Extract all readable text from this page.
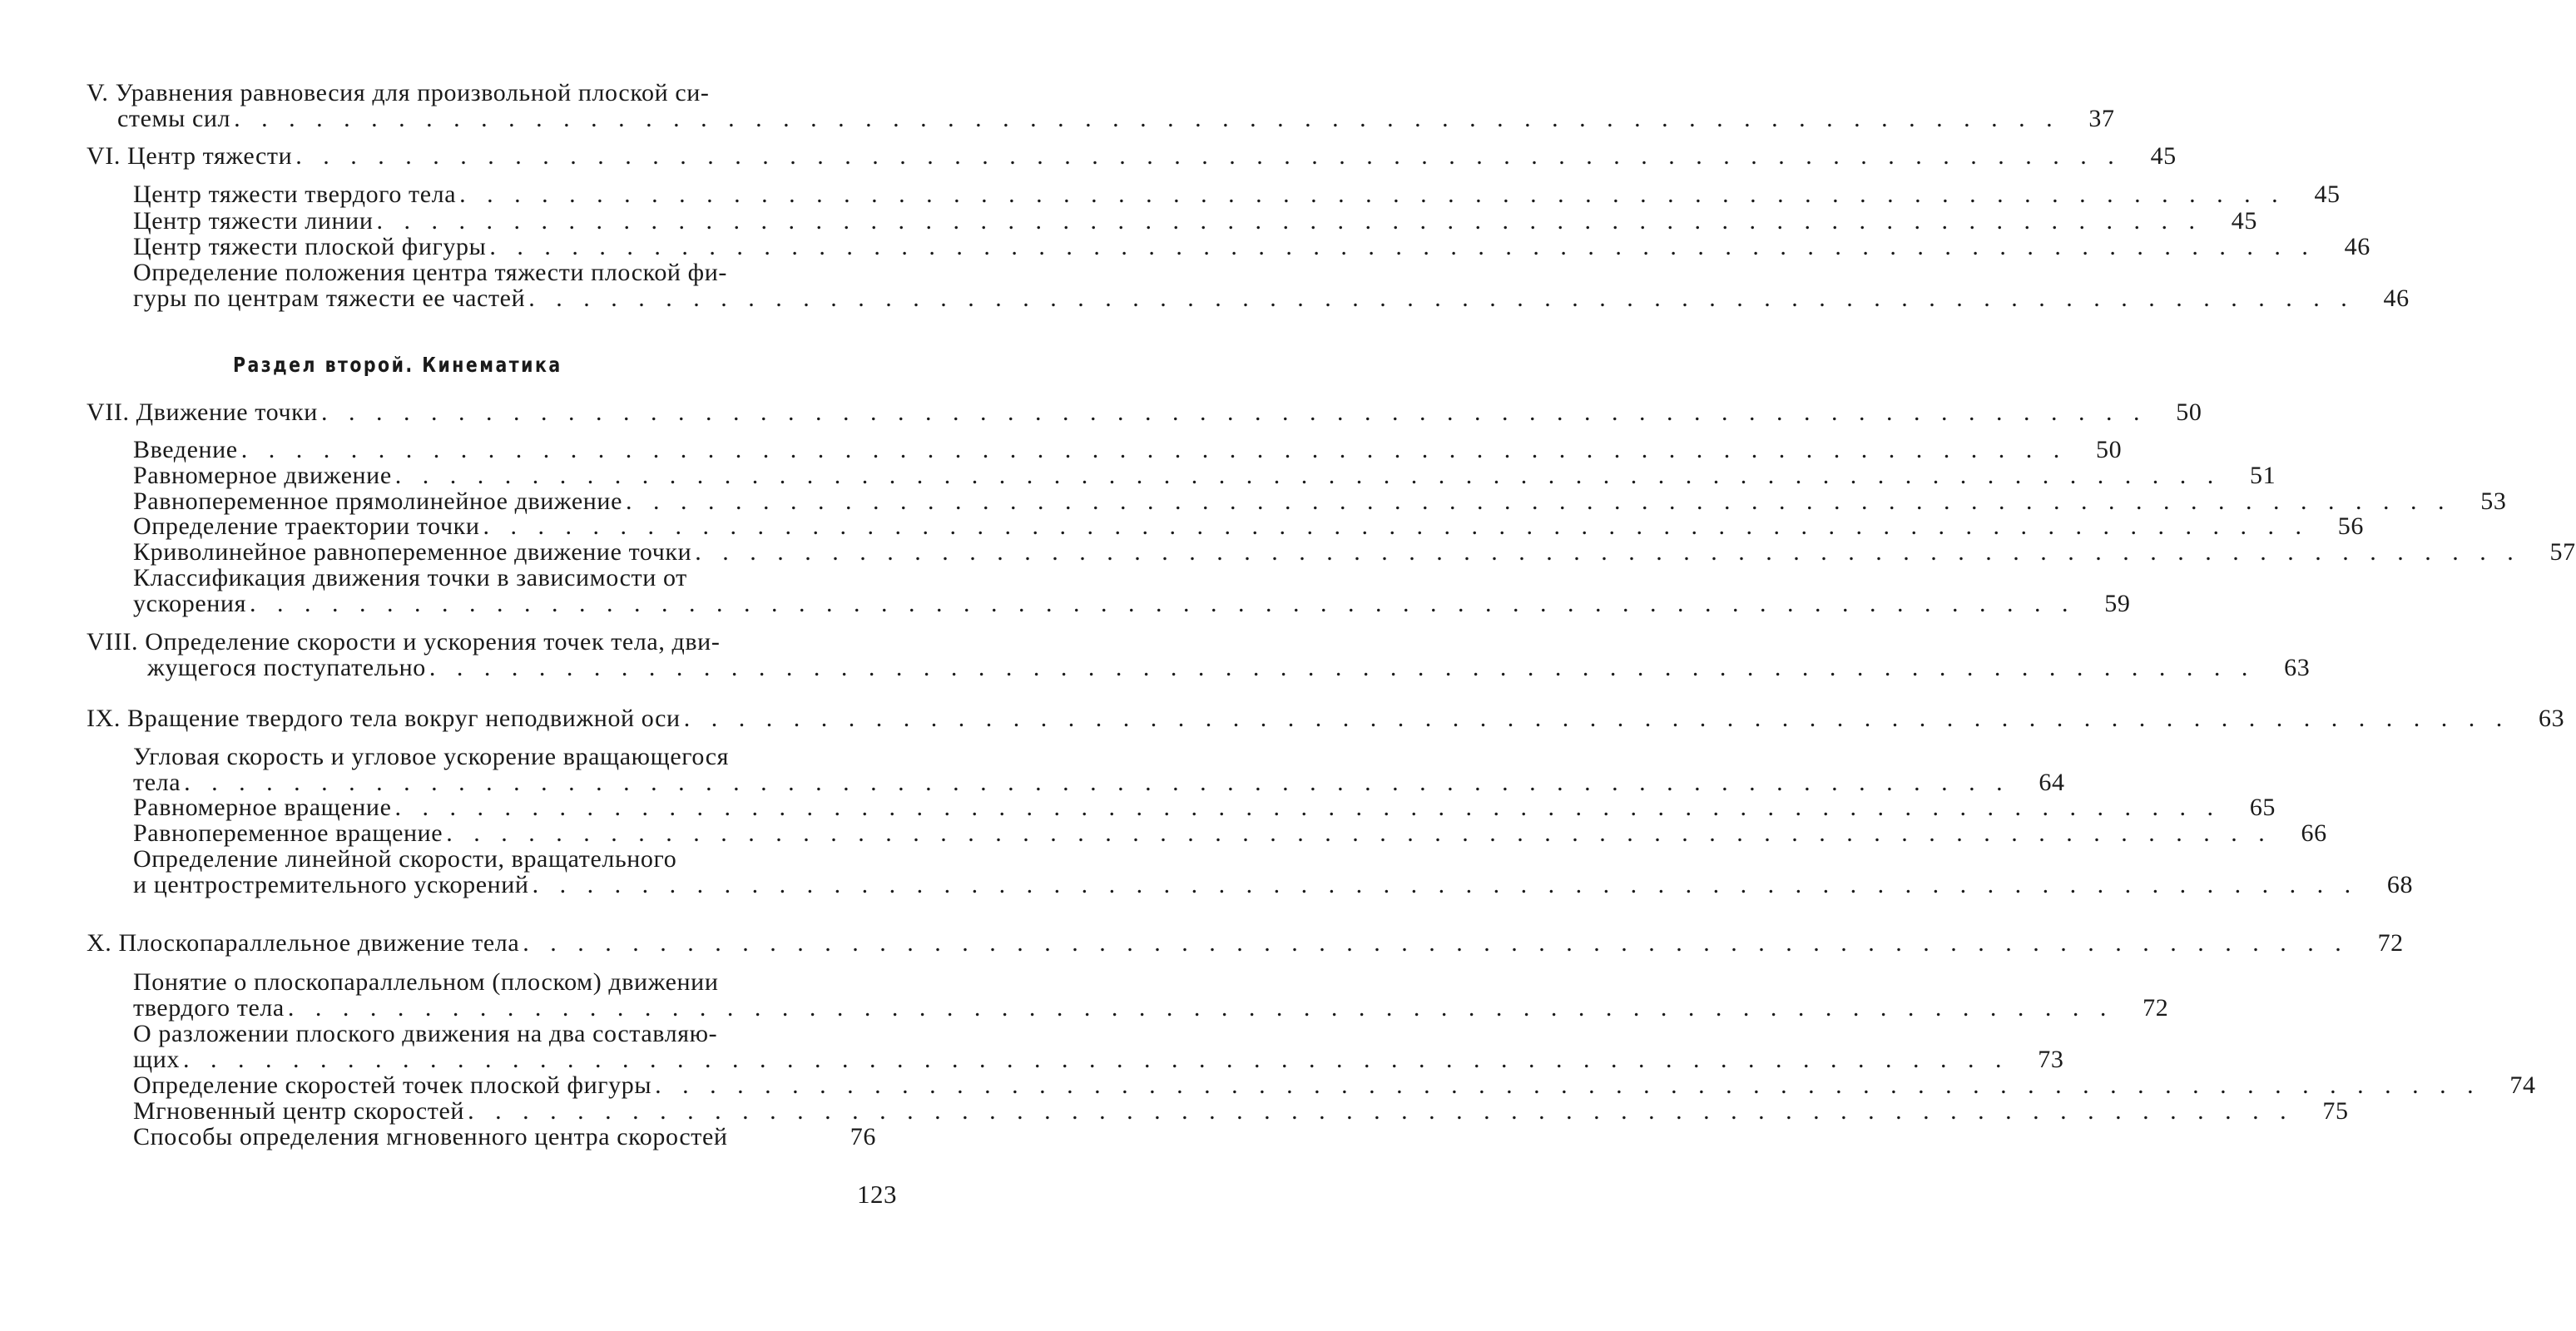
V. Уравнения равновесия для произвольной плоской си-
стемы сил . . .	37
VI. Центр тяжести . . .	45
Центр тяжести твердого тела . . .	45
Центр тяжести линии . . .	45
Центр тяжести плоской фигуры . . .	46
Определение положения центра тяжести плоской фи-
гуры по центрам тяжести ее частей . . .	46
Раздел второй. Кинематика
VII. Движение точки . . .	50
Введение . . .	50
Равномерное движение . . .	51
Равнопеременное прямолинейное движение . . .	53
Определение траектории точки . . .	56
Криволинейное равнопеременное движение точки . . .	57
Классификация движения точки в зависимости от
ускорения . . .	59
VIII. Определение скорости и ускорения точек тела, дви-
жущегося поступательно . . .	63
IX. Вращение твердого тела вокруг неподвижной оси . . .	63
Угловая скорость и угловое ускорение вращающегося
тела . . .	64
Равномерное вращение . . .	65
Равнопеременное вращение . . .	66
Определение линейной скорости, вращательного
и центростремительного ускорений . . .	68
X. Плоскопараллельное движение тела . . .	72
Понятие о плоскопараллельном (плоском) движении
твердого тела . . .	72
О разложении плоского движения на два составляю-
щих . . .	73
Определение скоростей точек плоской фигуры . . .	74
Мгновенный центр скоростей . . .	75
Способы определения мгновенного центра скоростей	76
123
